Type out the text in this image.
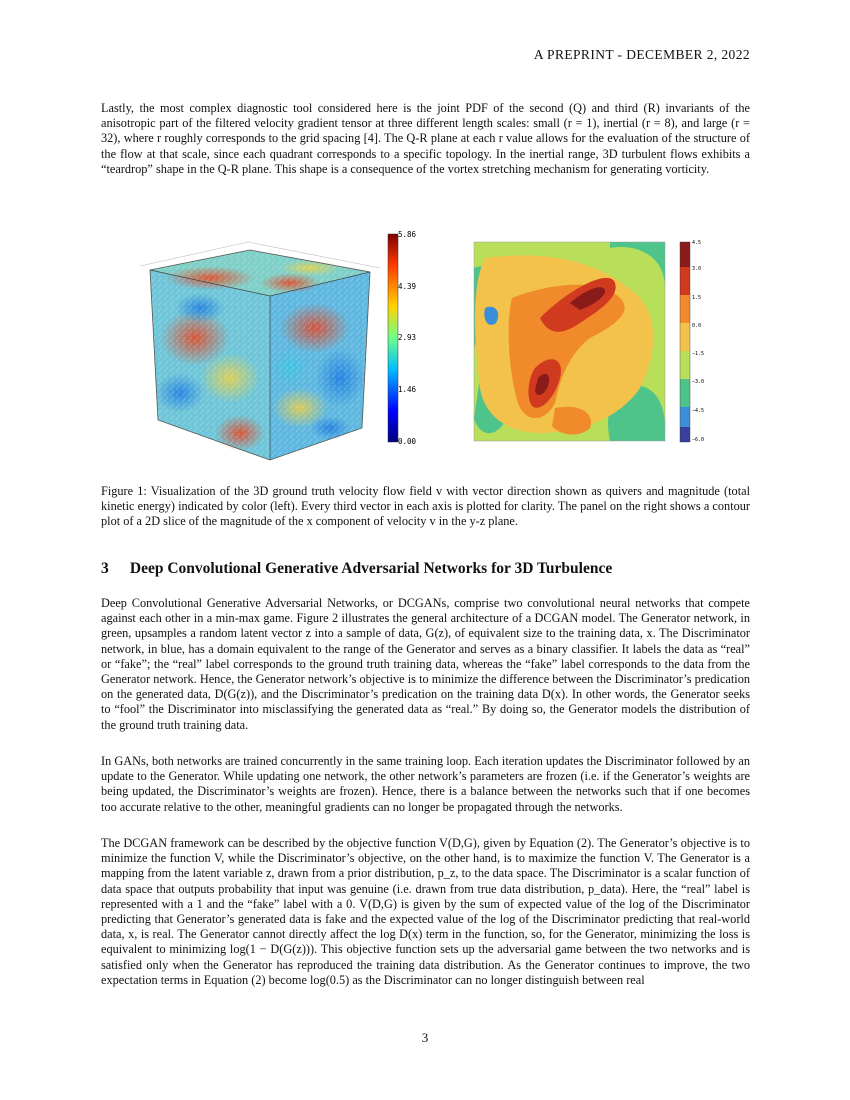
A PREPRINT - DECEMBER 2, 2022

Lastly, the most complex diagnostic tool considered here is the joint PDF of the second (Q) and third (R) invariants of the anisotropic part of the filtered velocity gradient tensor at three different length scales: small (r = 1), inertial (r = 8), and large (r = 32), where r roughly corresponds to the grid spacing [4]. The Q-R plane at each r value allows for the evaluation of the structure of the flow at that scale, since each quadrant corresponds to a specific topology. In the inertial range, 3D turbulent flows exhibits a “teardrop” shape in the Q-R plane. This shape is a consequence of the vortex stretching mechanism for generating vorticity.

5.86
4.39
2.93
1.46
0.00
4.5
3.0
1.5
0.0
−1.5
−3.0
−4.5
−6.0

Figure 1: Visualization of the 3D ground truth velocity flow field v with vector direction shown as quivers and magnitude (total kinetic energy) indicated by color (left). Every third vector in each axis is plotted for clarity. The panel on the right shows a contour plot of a 2D slice of the magnitude of the x component of velocity v in the y-z plane.

3 Deep Convolutional Generative Adversarial Networks for 3D Turbulence

Deep Convolutional Generative Adversarial Networks, or DCGANs, comprise two convolutional neural networks that compete against each other in a min-max game. Figure 2 illustrates the general architecture of a DCGAN model. The Generator network, in green, upsamples a random latent vector z into a sample of data, G(z), of equivalent size to the training data, x. The Discriminator network, in blue, has a domain equivalent to the range of the Generator and serves as a binary classifier. It labels the data as “real” or “fake”; the “real” label corresponds to the ground truth training data, whereas the “fake” label corresponds to the data from the Generator network. Hence, the Generator network’s objective is to minimize the difference between the Discriminator’s predication on the generated data, D(G(z)), and the Discriminator’s predication on the training data D(x). In other words, the Generator seeks to “fool” the Discriminator into misclassifying the generated data as “real.” By doing so, the Generator models the distribution of the ground truth training data.

In GANs, both networks are trained concurrently in the same training loop. Each iteration updates the Discriminator followed by an update to the Generator. While updating one network, the other network’s parameters are frozen (i.e. if the Generator’s weights are being updated, the Discriminator’s weights are frozen). Hence, there is a balance between the networks such that if one becomes too accurate relative to the other, meaningful gradients can no longer be propagated through the networks.

The DCGAN framework can be described by the objective function V(D,G), given by Equation (2). The Generator’s objective is to minimize the function V, while the Discriminator’s objective, on the other hand, is to maximize the function V. The Generator is a mapping from the latent variable z, drawn from a prior distribution, p_z, to the data space. The Discriminator is a scalar function of data space that outputs probability that input was genuine (i.e. drawn from true data distribution, p_data). Here, the “real” label is represented with a 1 and the “fake” label with a 0. V(D,G) is given by the sum of expected value of the log of the Discriminator predicting that Generator’s generated data is fake and the expected value of the log of the Discriminator predicting that real-world data, x, is real. The Generator cannot directly affect the log D(x) term in the function, so, for the Generator, minimizing the loss is equivalent to minimizing log(1 − D(G(z))). This objective function sets up the adversarial game between the two networks and is satisfied only when the Generator has reproduced the training data distribution. As the Generator continues to improve, the two expectation terms in Equation (2) become log(0.5) as the Discriminator can no longer distinguish between real

3
